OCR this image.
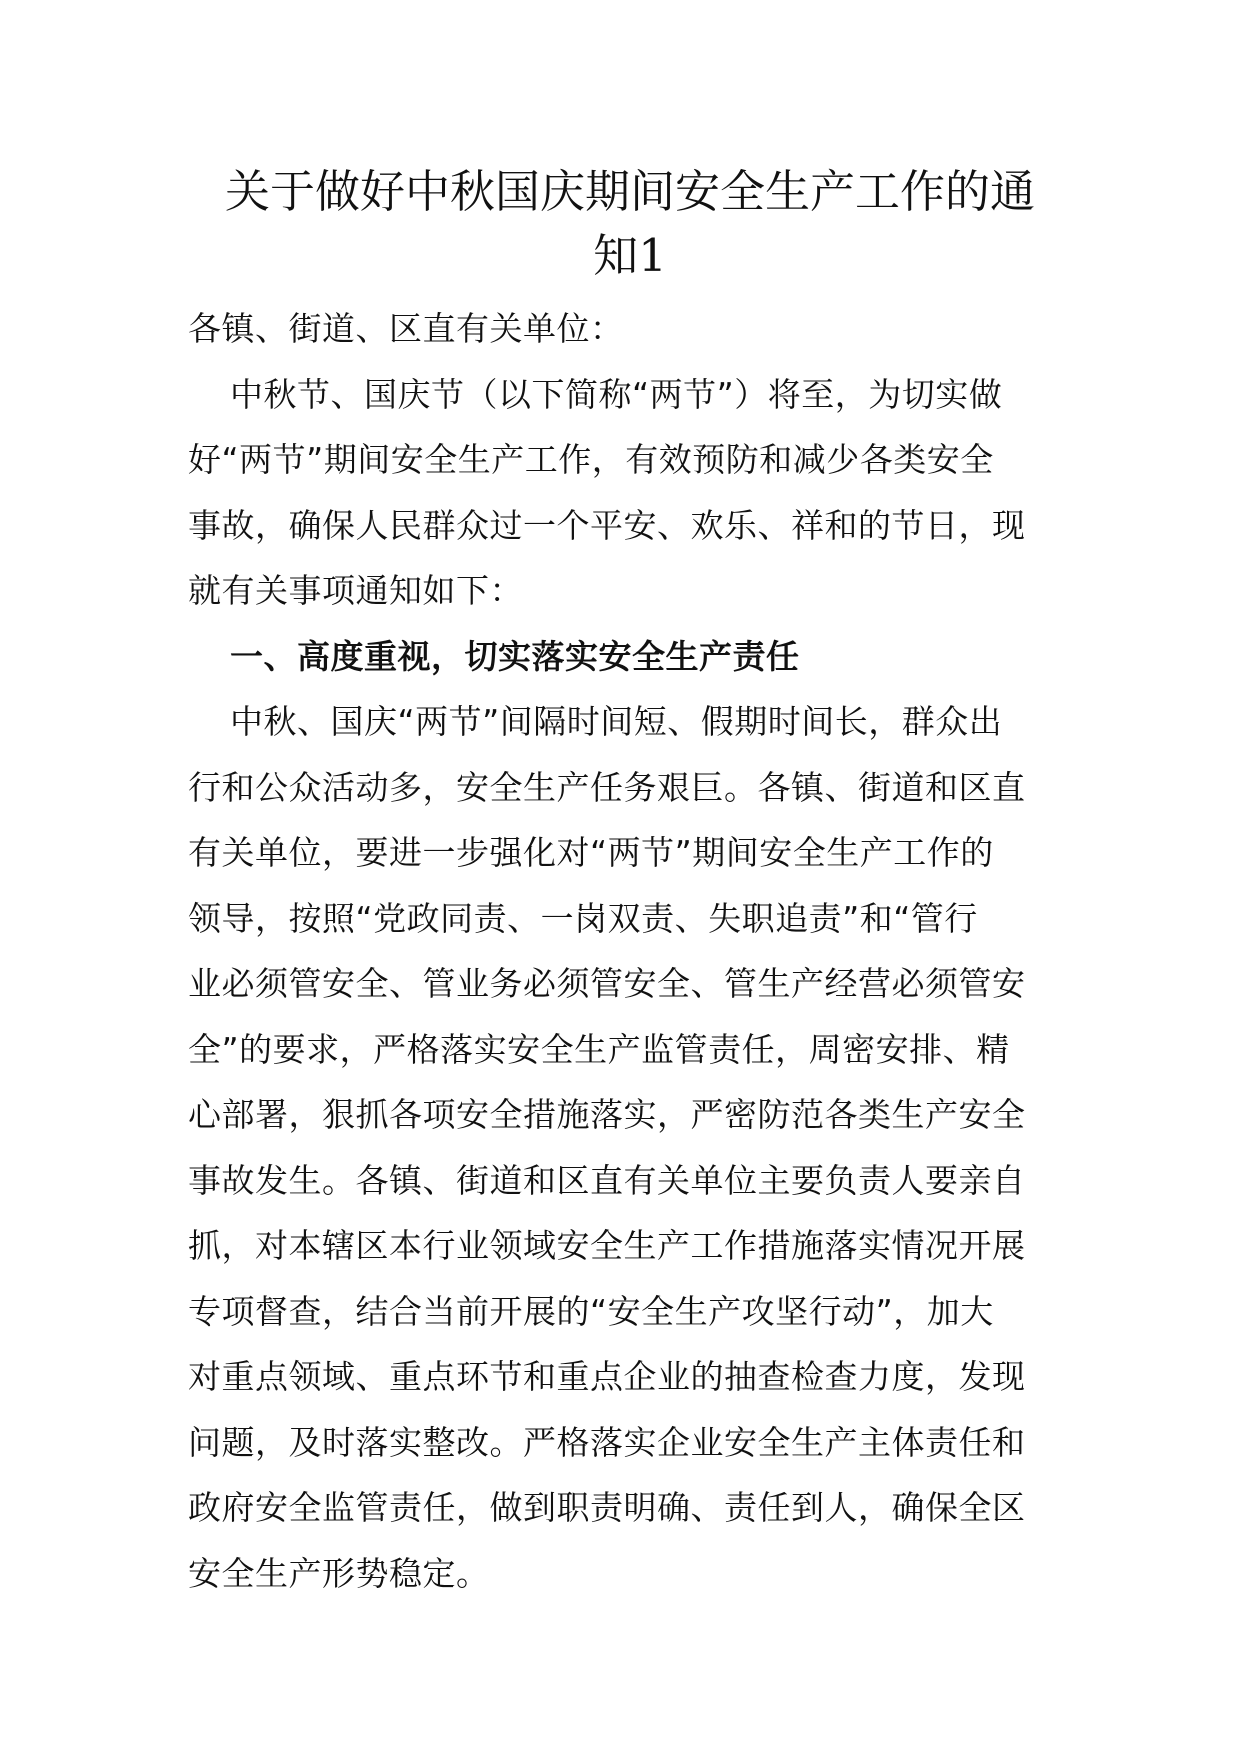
关于做好中秋国庆期间安全生产工作的通
知1
各镇、街道、区直有关单位：
中秋节、国庆节（以下简称“两节”）将至，为切实做
好“两节”期间安全生产工作，有效预防和减少各类安全
事故，确保人民群众过一个平安、欢乐、祥和的节日，现
就有关事项通知如下：
一、高度重视，切实落实安全生产责任
中秋、国庆“两节”间隔时间短、假期时间长，群众出
行和公众活动多，安全生产任务艰巨。各镇、街道和区直
有关单位，要进一步强化对“两节”期间安全生产工作的
领导，按照“党政同责、一岗双责、失职追责”和“管行
业必须管安全、管业务必须管安全、管生产经营必须管安
全”的要求，严格落实安全生产监管责任，周密安排、精
心部署，狠抓各项安全措施落实，严密防范各类生产安全
事故发生。各镇、街道和区直有关单位主要负责人要亲自
抓，对本辖区本行业领域安全生产工作措施落实情况开展
专项督查，结合当前开展的“安全生产攻坚行动”，加大
对重点领域、重点环节和重点企业的抽查检查力度，发现
问题，及时落实整改。严格落实企业安全生产主体责任和
政府安全监管责任，做到职责明确、责任到人，确保全区
安全生产形势稳定。
